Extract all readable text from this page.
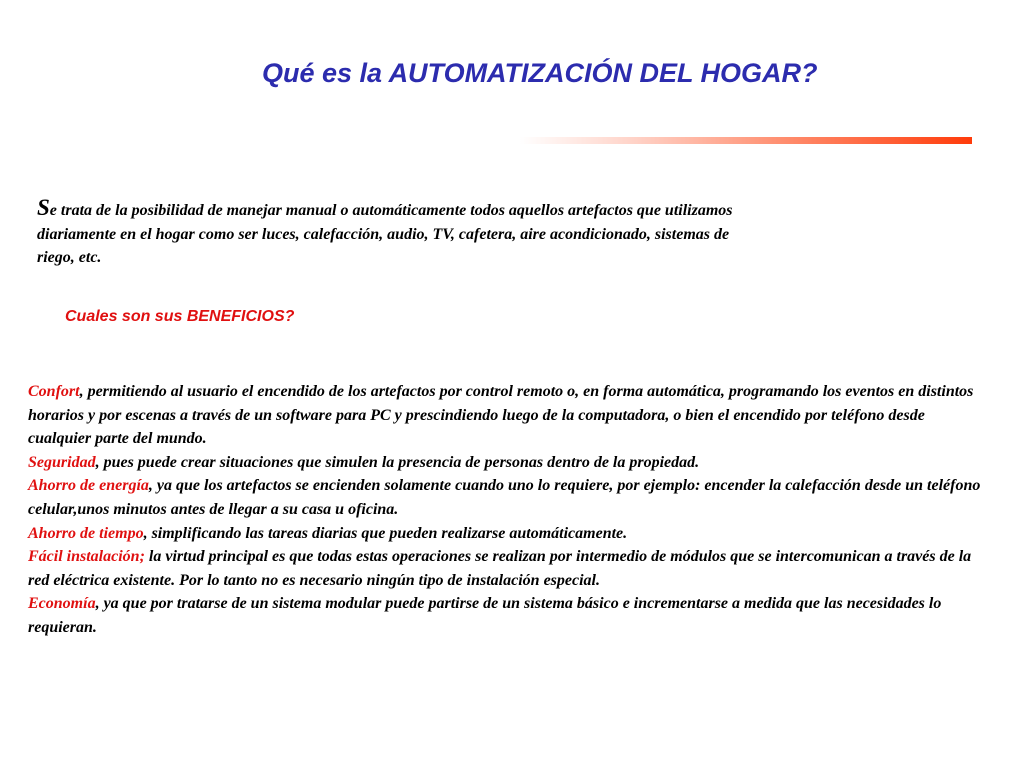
Qué es la AUTOMATIZACIÓN DEL HOGAR?

Se trata de la posibilidad de manejar manual o automáticamente todos aquellos artefactos que utilizamos diariamente en el hogar como ser luces, calefacción, audio, TV, cafetera, aire acondicionado, sistemas de riego, etc.

Cuales son sus BENEFICIOS?
Confort, permitiendo al usuario el encendido de los artefactos por control remoto o, en forma automática, programando los eventos en distintos horarios y por escenas a través de un software para PC y prescindiendo luego de la computadora, o bien el encendido por teléfono desde cualquier parte del mundo.
Seguridad, pues puede crear situaciones que simulen la presencia de personas dentro de la propiedad.
Ahorro de energía, ya que los artefactos se encienden solamente cuando uno lo requiere, por ejemplo: encender la calefacción desde un teléfono celular,unos minutos antes de llegar a su casa u oficina.
Ahorro de tiempo, simplificando las tareas diarias que pueden realizarse automáticamente.
Fácil instalación; la virtud principal es que todas estas operaciones se realizan por intermedio de módulos que se intercomunican a través de la red eléctrica existente. Por lo tanto no es necesario ningún tipo de instalación especial.
Economía, ya que por tratarse de un sistema modular puede partirse de un sistema básico e incrementarse a medida que las necesidades lo requieran.
